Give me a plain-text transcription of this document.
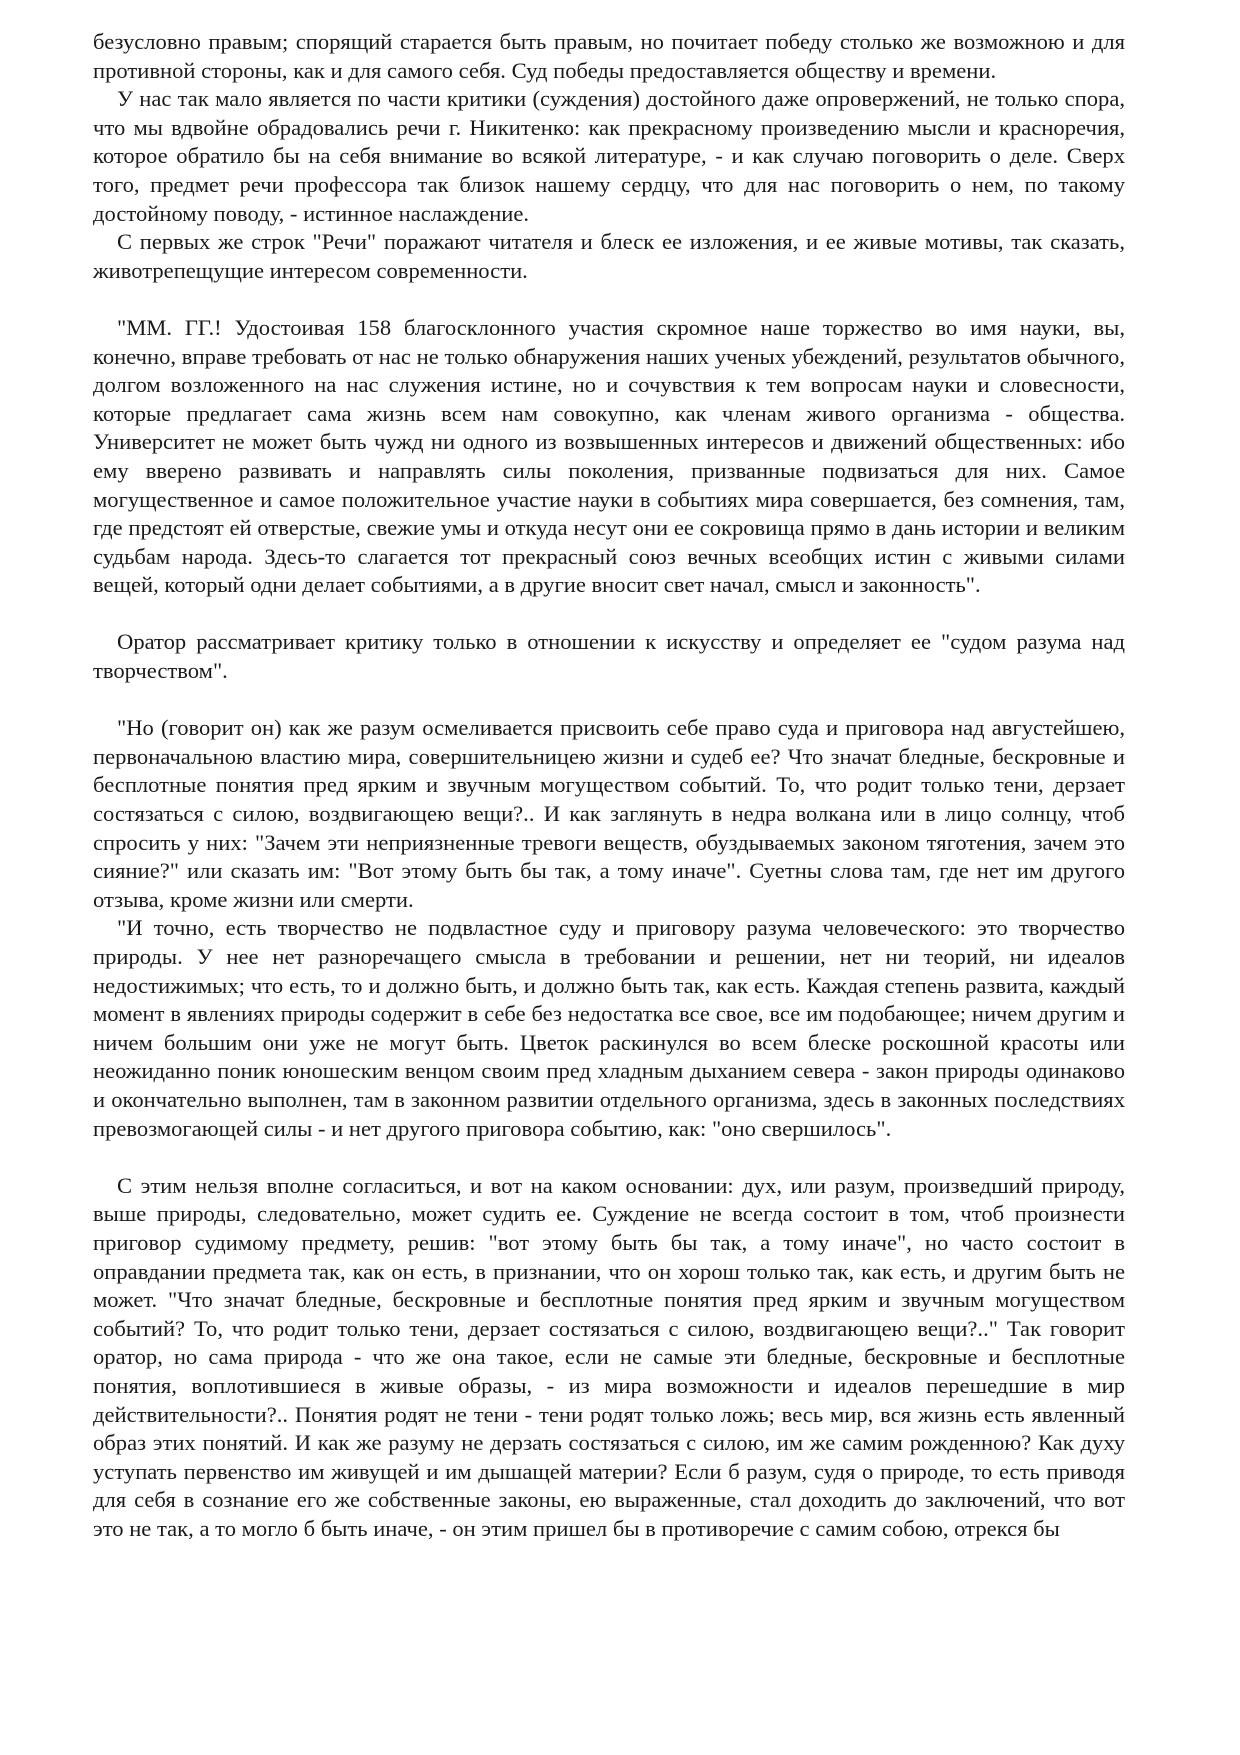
безусловно правым; спорящий старается быть правым, но почитает победу столько же возможною и для противной стороны, как и для самого себя. Суд победы предоставляется обществу и времени.

У нас так мало является по части критики (суждения) достойного даже опровержений, не только спора, что мы вдвойне обрадовались речи г. Никитенко: как прекрасному произведению мысли и красноречия, которое обратило бы на себя внимание во всякой литературе, - и как случаю поговорить о деле. Сверх того, предмет речи профессора так близок нашему сердцу, что для нас поговорить о нем, по такому достойному поводу, - истинное наслаждение.

С первых же строк "Речи" поражают читателя и блеск ее изложения, и ее живые мотивы, так сказать, животрепещущие интересом современности.

"ММ. ГГ.! Удостоивая 158 благосклонного участия скромное наше торжество во имя науки, вы, конечно, вправе требовать от нас не только обнаружения наших ученых убеждений, результатов обычного, долгом возложенного на нас служения истине, но и сочувствия к тем вопросам науки и словесности, которые предлагает сама жизнь всем нам совокупно, как членам живого организма - общества. Университет не может быть чужд ни одного из возвышенных интересов и движений общественных: ибо ему вверено развивать и направлять силы поколения, призванные подвизаться для них. Самое могущественное и самое положительное участие науки в событиях мира совершается, без сомнения, там, где предстоят ей отверстые, свежие умы и откуда несут они ее сокровища прямо в дань истории и великим судьбам народа. Здесь-то слагается тот прекрасный союз вечных всеобщих истин с живыми силами вещей, который одни делает событиями, а в другие вносит свет начал, смысл и законность".

Оратор рассматривает критику только в отношении к искусству и определяет ее "судом разума над творчеством".

"Но (говорит он) как же разум осмеливается присвоить себе право суда и приговора над августейшею, первоначальною властию мира, совершительницею жизни и судеб ее? Что значат бледные, бескровные и бесплотные понятия пред ярким и звучным могуществом событий. То, что родит только тени, дерзает состязаться с силою, воздвигающею вещи?.. И как заглянуть в недра волкана или в лицо солнцу, чтоб спросить у них: "Зачем эти неприязненные тревоги веществ, обуздываемых законом тяготения, зачем это сияние?" или сказать им: "Вот этому быть бы так, а тому иначе". Суетны слова там, где нет им другого отзыва, кроме жизни или смерти.

"И точно, есть творчество не подвластное суду и приговору разума человеческого: это творчество природы. У нее нет разноречащего смысла в требовании и решении, нет ни теорий, ни идеалов недостижимых; что есть, то и должно быть, и должно быть так, как есть. Каждая степень развита, каждый момент в явлениях природы содержит в себе без недостатка все свое, все им подобающее; ничем другим и ничем большим они уже не могут быть. Цветок раскинулся во всем блеске роскошной красоты или неожиданно поник юношеским венцом своим пред хладным дыханием севера - закон природы одинаково и окончательно выполнен, там в законном развитии отдельного организма, здесь в законных последствиях превозмогающей силы - и нет другого приговора событию, как: "оно свершилось".

С этим нельзя вполне согласиться, и вот на каком основании: дух, или разум, произведший природу, выше природы, следовательно, может судить ее. Суждение не всегда состоит в том, чтоб произнести приговор судимому предмету, решив: "вот этому быть бы так, а тому иначе", но часто состоит в оправдании предмета так, как он есть, в признании, что он хорош только так, как есть, и другим быть не может. "Что значат бледные, бескровные и бесплотные понятия пред ярким и звучным могуществом событий? То, что родит только тени, дерзает состязаться с силою, воздвигающею вещи?.." Так говорит оратор, но сама природа - что же она такое, если не самые эти бледные, бескровные и бесплотные понятия, воплотившиеся в живые образы, - из мира возможности и идеалов перешедшие в мир действительности?.. Понятия родят не тени - тени родят только ложь; весь мир, вся жизнь есть явленный образ этих понятий. И как же разуму не дерзать состязаться с силою, им же самим рожденною? Как духу уступать первенство им живущей и им дышащей материи? Если б разум, судя о природе, то есть приводя для себя в сознание его же собственные законы, ею выраженные, стал доходить до заключений, что вот это не так, а то могло б быть иначе, - он этим пришел бы в противоречие с самим собою, отрекся бы
